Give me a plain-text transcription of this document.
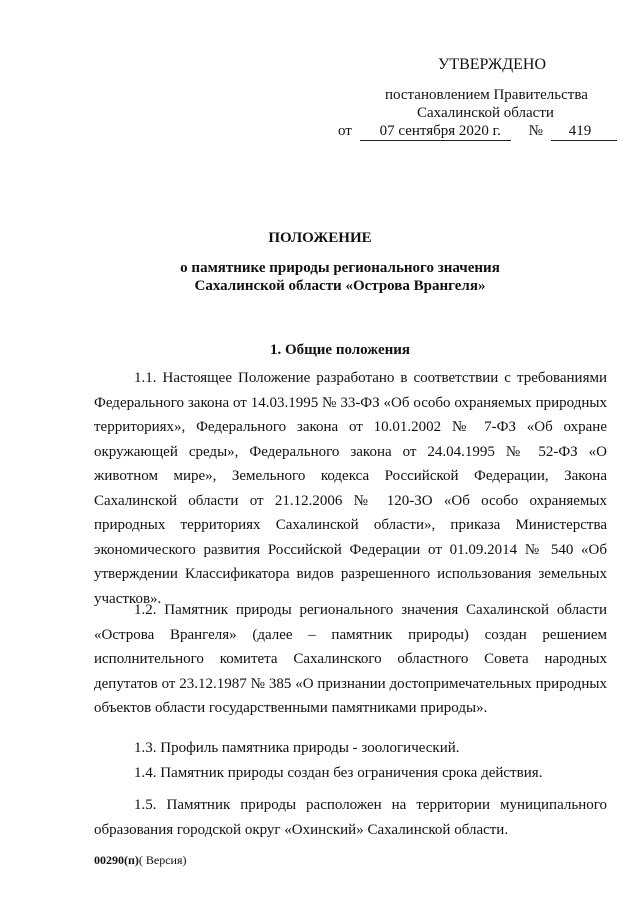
УТВЕРЖДЕНО
постановлением Правительства
Сахалинской области
от 07 сентября 2020 г. № 419
ПОЛОЖЕНИЕ
о памятнике природы регионального значения
Сахалинской области «Острова Врангеля»
1. Общие положения
1.1. Настоящее Положение разработано в соответствии с требованиями Федерального закона от 14.03.1995 № 33-ФЗ «Об особо охраняемых природных территориях», Федерального закона от 10.01.2002 № 7-ФЗ «Об охране окружающей среды», Федерального закона от 24.04.1995 № 52-ФЗ «О животном мире», Земельного кодекса Российской Федерации, Закона Сахалинской области от 21.12.2006 № 120-ЗО «Об особо охраняемых природных территориях Сахалинской области», приказа Министерства экономического развития Российской Федерации от 01.09.2014 № 540 «Об утверждении Классификатора видов разрешенного использования земельных участков».
1.2. Памятник природы регионального значения Сахалинской области «Острова Врангеля» (далее – памятник природы) создан решением исполнительного комитета Сахалинского областного Совета народных депутатов от 23.12.1987 № 385 «О признании достопримечательных природных объектов области государственными памятниками природы».
1.3. Профиль памятника природы - зоологический.
1.4. Памятник природы создан без ограничения срока действия.
1.5. Памятник природы расположен на территории муниципального образования городской округ «Охинский» Сахалинской области.
00290(п)( Версия)
